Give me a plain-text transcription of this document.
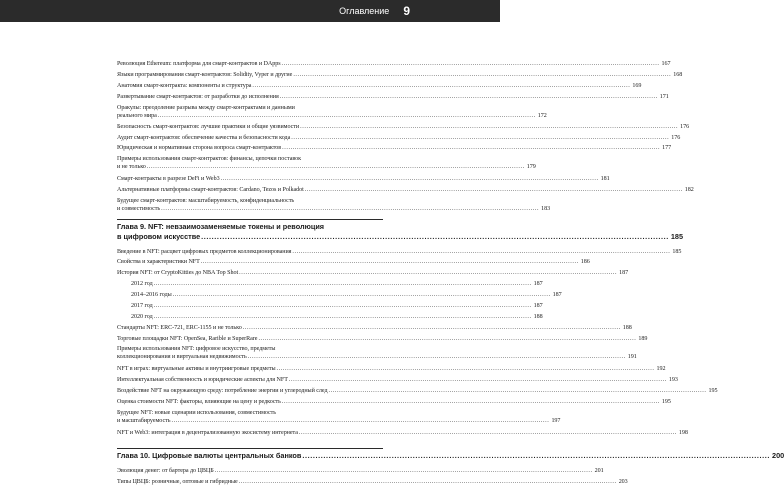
Оглавление 9
Революция Ethereum: платформа для смарт-контрактов и DApps .....	167
Языки программирования смарт-контрактов: Solidity, Vyper и другие .....	168
Анатомия смарт-контракта: компоненты и структура .....	169
Развертывание смарт-контрактов: от разработки до исполнения .....	171
Оракулы: преодоление разрыва между смарт-контрактами и данными
реального мира .....	172
Безопасность смарт-контрактов: лучшие практики и общие уязвимости .....	176
Аудит смарт-контрактов: обеспечение качества и безопасности кода .....	176
Юридическая и нормативная сторона вопроса смарт-контрактов .....	177
Примеры использования смарт-контрактов: финансы, цепочки поставок
и не только .....	179
Смарт-контракты в разрезе DeFi и Web3 .....	181
Альтернативные платформы смарт-контрактов: Cardano, Tezos и Polkadot .....	182
Будущее смарт-контрактов: масштабируемость, конфиденциальность
и совместимость .....	183
Глава 9. NFT: невзаимозаменяемые токены и революция
в цифровом искусстве .....	185
Введение в NFT: расцвет цифровых предметов коллекционирования .....	185
Свойства и характеристики NFT .....	186
История NFT: от CryptoKitties до NBA Top Shot .....	187
2012 год .....	187
2014–2016 годы .....	187
2017 год .....	187
2020 год .....	188
Стандарты NFT: ERC-721, ERC-1155 и не только .....	188
Торговые площадки NFT: OpenSea, Rarible и SuperRare .....	189
Примеры использования NFT: цифровое искусство, предметы
коллекционирования и виртуальная недвижимость .....	191
NFT в играх: виртуальные активы и внутриигровые предметы .....	192
Интеллектуальная собственность и юридические аспекты для NFT .....	193
Воздействие NFT на окружающую среду: потребление энергии и углеродный след .....	195
Оценка стоимости NFT: факторы, влияющие на цену и редкость .....	195
Будущее NFT: новые сценарии использования, совместимость
и масштабируемость .....	197
NFT и Web3: интеграция в децентрализованную экосистему интернета .....	198
Глава 10. Цифровые валюты центральных банков .....	200
Эволюция денег: от бартера до ЦВЦБ .....	201
Типы ЦВЦБ: розничные, оптовые и гибридные .....	203
